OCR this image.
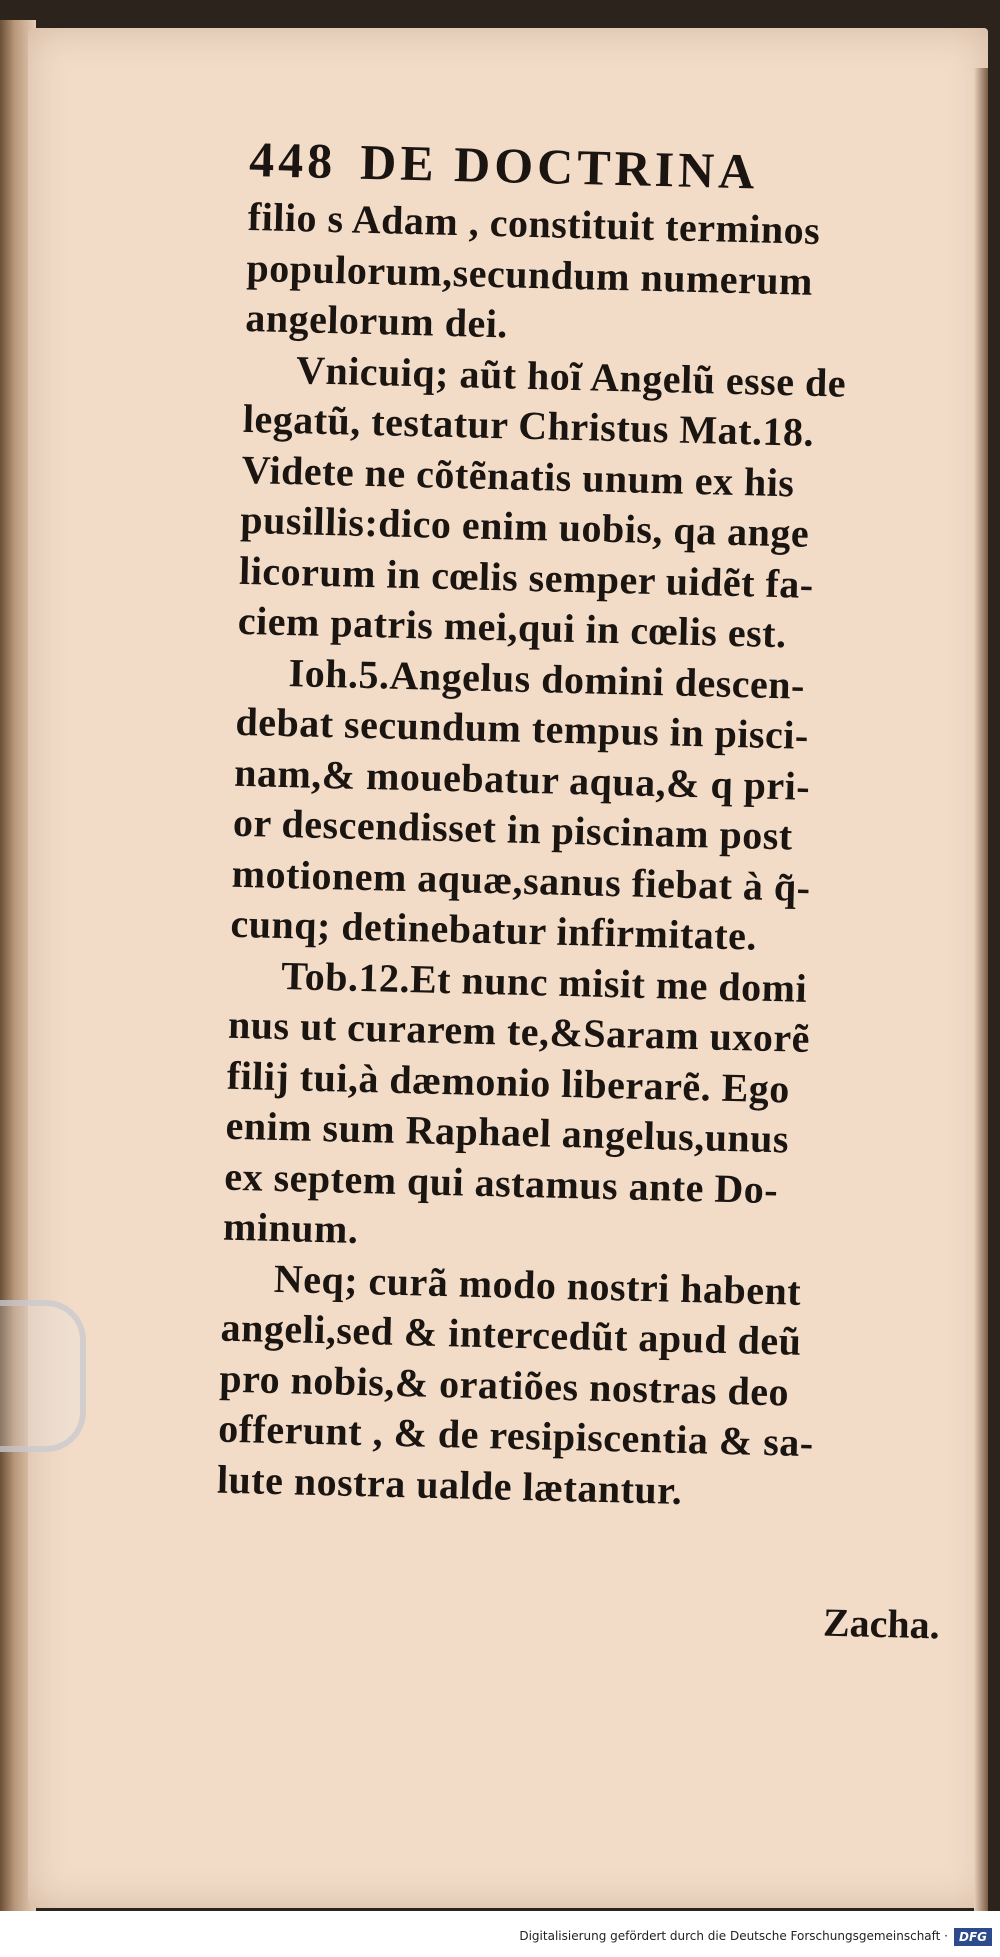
448 DE DOCTRINA
filio s Adam , constituit terminos
populorum,secundum numerum
angelorum dei.
Vnicuiq; aũt hoĩ Angelũ esse de
legatũ, testatur Christus Mat.18.
Videte ne cõtẽnatis unum ex his
pusillis:dico enim uobis, qa ange
licorum in cœlis semper uidẽt fa-
ciem patris mei,qui in cœlis est.
Ioh.5.Angelus domini descen-
debat secundum tempus in pisci-
nam,& mouebatur aqua,& q pri-
or descendisset in piscinam post
motionem aquæ,sanus fiebat à q̃-
cunq; detinebatur infirmitate.
Tob.12.Et nunc misit me domi
nus ut curarem te,&Saram uxorẽ
filij tui,à dæmonio liberarẽ. Ego
enim sum Raphael angelus,unus
ex septem qui astamus ante Do-
minum.
Neq; curã modo nostri habent
angeli,sed & intercedũt apud deũ
pro nobis,& oratiões nostras deo
offerunt , & de resipiscentia & sa-
lute nostra ualde lætantur.
Zacha.
Digitalisierung gefördert durch die Deutsche Forschungsgemeinschaft · DFG
